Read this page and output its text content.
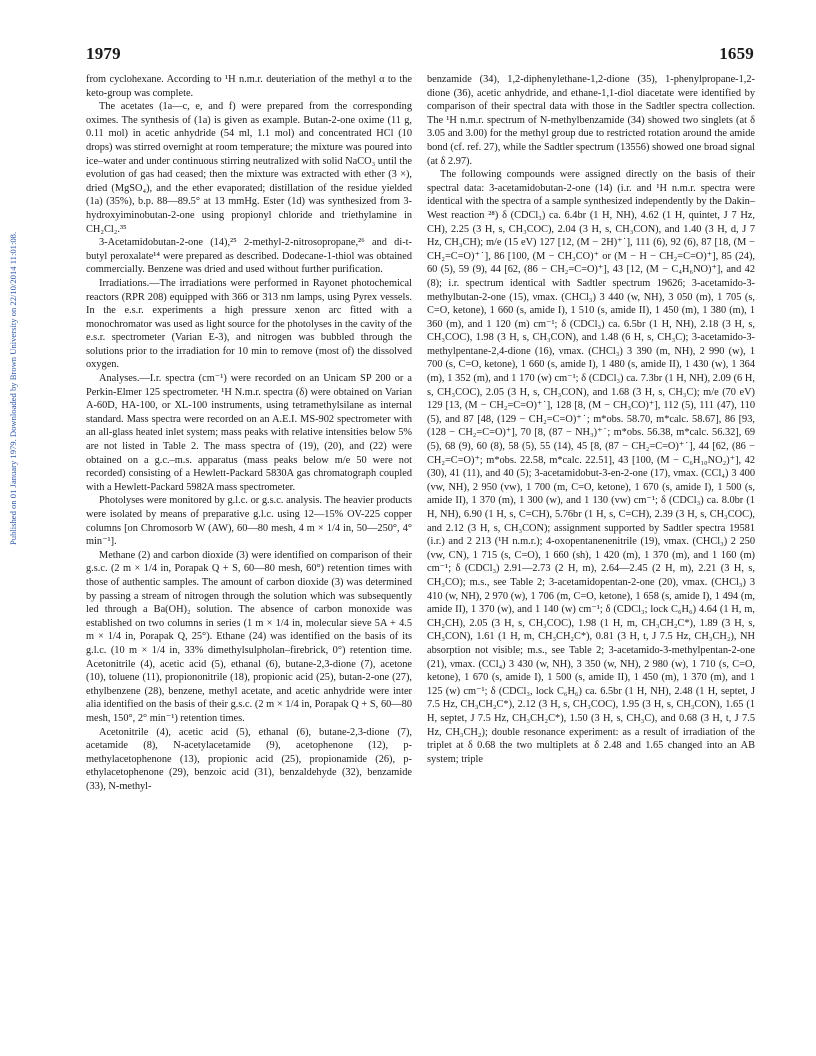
1979	1659
Published on 01 January 1979. Downloaded by Brown University on 22/10/2014 11:01:08.

from cyclohexane. According to ¹H n.m.r. deuteriation of the methyl α to the keto-group was complete.

The acetates (1a—c, e, and f) were prepared from the corresponding oximes. The synthesis of (1a) is given as example. Butan-2-one oxime (11 g, 0.11 mol) in acetic anhydride (54 ml, 1.1 mol) and concentrated HCl (10 drops) was stirred overnight at room temperature; the mixture was poured into ice–water and under continuous stirring neutralized with solid NaCO₃ until the evolution of gas had ceased; then the mixture was extracted with ether (3 ×), dried (MgSO₄), and the ether evaporated; distillation of the residue yielded (1a) (35%), b.p. 88—89.5° at 13 mmHg. Ester (1d) was synthesized from 3-hydroxyiminobutan-2-one using propionyl chloride and triethylamine in CH₂Cl₂.³⁵

3-Acetamidobutan-2-one (14),²⁵ 2-methyl-2-nitrosopropane,²⁶ and di-t-butyl peroxalate¹⁴ were prepared as described. Dodecane-1-thiol was obtained commercially. Benzene was dried and used without further purification.

Irradiations.—The irradiations were performed in Rayonet photochemical reactors (RPR 208) equipped with 366 or 313 nm lamps, using Pyrex vessels. In the e.s.r. experiments a high pressure xenon arc fitted with a monochromator was used as light source for the photolyses in the cavity of the e.s.r. spectrometer (Varian E-3), and nitrogen was bubbled through the solutions prior to the irradiation for 10 min to remove (most of) the dissolved oxygen.

Analyses.—I.r. spectra (cm⁻¹) were recorded on an Unicam SP 200 or a Perkin-Elmer 125 spectrometer. ¹H N.m.r. spectra (δ) were obtained on Varian A-60D, HA-100, or XL-100 instruments, using tetramethylsilane as internal standard. Mass spectra were recorded on an A.E.I. MS-902 spectrometer with an all-glass heated inlet system; mass peaks with relative intensities below 5% are not listed in Table 2. The mass spectra of (19), (20), and (22) were obtained on a g.c.–m.s. apparatus (mass peaks below m/e 50 were not recorded) consisting of a Hewlett-Packard 5830A gas chromatograph coupled with a Hewlett-Packard 5982A mass spectrometer.

Photolyses were monitored by g.l.c. or g.s.c. analysis. The heavier products were isolated by means of preparative g.l.c. using 12—15% OV-225 copper columns [on Chromosorb W (AW), 60—80 mesh, 4 m × 1/4 in, 50—250°, 4° min⁻¹].

Methane (2) and carbon dioxide (3) were identified on comparison of their g.s.c. (2 m × 1/4 in, Porapak Q + S, 60—80 mesh, 60°) retention times with those of authentic samples. The amount of carbon dioxide (3) was determined by passing a stream of nitrogen through the solution which was subsequently led through a Ba(OH)₂ solution. The absence of carbon monoxide was established on two columns in series (1 m × 1/4 in, molecular sieve 5A + 4.5 m × 1/4 in, Porapak Q, 25°). Ethane (24) was identified on the basis of its g.l.c. (10 m × 1/4 in, 33% dimethylsulpholan–firebrick, 0°) retention time. Acetonitrile (4), acetic acid (5), ethanal (6), butane-2,3-dione (7), acetone (10), toluene (11), propiononitrile (18), propionic acid (25), butan-2-one (27), ethylbenzene (28), benzene, methyl acetate, and acetic anhydride were inter alia identified on the basis of their g.s.c. (2 m × 1/4 in, Porapak Q + S, 60—80 mesh, 150°, 2° min⁻¹) retention times.

Acetonitrile (4), acetic acid (5), ethanal (6), butane-2,3-dione (7), acetamide (8), N-acetylacetamide (9), acetophenone (12), p-methylacetophenone (13), propionic acid (25), propionamide (26), p-ethylacetophenone (29), benzoic acid (31), benzaldehyde (32), benzamide (33), N-methyl-

benzamide (34), 1,2-diphenylethane-1,2-dione (35), 1-phenylpropane-1,2-dione (36), acetic anhydride, and ethane-1,1-diol diacetate were identified by comparison of their spectral data with those in the Sadtler spectra collection. The ¹H n.m.r. spectrum of N-methylbenzamide (34) showed two singlets (at δ 3.05 and 3.00) for the methyl group due to restricted rotation around the amide bond (cf. ref. 27), while the Sadtler spectrum (13556) showed one broad signal (at δ 2.97).

The following compounds were assigned directly on the basis of their spectral data: 3-acetamidobutan-2-one (14) (i.r. and ¹H n.m.r. spectra were identical with the spectra of a sample synthesized independently by the Dakin–West reaction ²⁸) δ (CDCl₃) ca. 6.4br (1 H, NH), 4.62 (1 H, quintet, J 7 Hz, CH), 2.25 (3 H, s, CH₃COC), 2.04 (3 H, s, CH₃CON), and 1.40 (3 H, d, J 7 Hz, CH₃CH); m/e (15 eV) 127 [12, (M − 2H)⁺˙], 111 (6), 92 (6), 87 [18, (M − CH₂=C=O)⁺˙], 86 [100, (M − CH₃CO)⁺ or (M − H − CH₂=C=O)⁺], 85 (24), 60 (5), 59 (9), 44 [62, (86 − CH₂=C=O)⁺], 43 [12, (M − C₄H₆NO)⁺], and 42 (8); i.r. spectrum identical with Sadtler spectrum 19626; 3-acetamido-3-methylbutan-2-one (15), νmax. (CHCl₃) 3 440 (w, NH), 3 050 (m), 1 705 (s, C=O, ketone), 1 660 (s, amide I), 1 510 (s, amide II), 1 450 (m), 1 380 (m), 1 360 (m), and 1 120 (m) cm⁻¹; δ (CDCl₃) ca. 6.5br (1 H, NH), 2.18 (3 H, s, CH₃COC), 1.98 (3 H, s, CH₃CON), and 1.48 (6 H, s, CH₃C); 3-acetamido-3-methylpentane-2,4-dione (16), νmax. (CHCl₃) 3 390 (m, NH), 2 990 (w), 1 700 (s, C=O, ketone), 1 660 (s, amide I), 1 480 (s, amide II), 1 430 (w), 1 364 (m), 1 352 (m), and 1 170 (w) cm⁻¹; δ (CDCl₃) ca. 7.3br (1 H, NH), 2.09 (6 H, s, CH₃COC), 2.05 (3 H, s, CH₃CON), and 1.68 (3 H, s, CH₃C); m/e (70 eV) 129 [13, (M − CH₂=C=O)⁺˙], 128 [8, (M − CH₃CO)⁺], 112 (5), 111 (47), 110 (5), and 87 [48, (129 − CH₂=C=O)⁺˙; m*obs. 58.70, m*calc. 58.67], 86 [93, (128 − CH₂=C=O)⁺], 70 [8, (87 − NH₃)⁺˙; m*obs. 56.38, m*calc. 56.32], 69 (5), 68 (9), 60 (8), 58 (5), 55 (14), 45 [8, (87 − CH₂=C=O)⁺˙], 44 [62, (86 − CH₂=C=O)⁺; m*obs. 22.58, m*calc. 22.51], 43 [100, (M − C₆H₁₀NO₂)⁺], 42 (30), 41 (11), and 40 (5); 3-acetamidobut-3-en-2-one (17), νmax. (CCl₄) 3 400 (vw, NH), 2 950 (vw), 1 700 (m, C=O, ketone), 1 670 (s, amide I), 1 500 (s, amide II), 1 370 (m), 1 300 (w), and 1 130 (vw) cm⁻¹; δ (CDCl₃) ca. 8.0br (1 H, NH), 6.90 (1 H, s, C=CH), 5.76br (1 H, s, C=CH), 2.39 (3 H, s, CH₃COC), and 2.12 (3 H, s, CH₃CON); assignment supported by Sadtler spectra 19581 (i.r.) and 2 213 (¹H n.m.r.); 4-oxopentanenenitrile (19), νmax. (CHCl₃) 2 250 (vw, CN), 1 715 (s, C=O), 1 660 (sh), 1 420 (m), 1 370 (m), and 1 160 (m) cm⁻¹; δ (CDCl₃) 2.91—2.73 (2 H, m), 2.64—2.45 (2 H, m), 2.21 (3 H, s, CH₃CO); m.s., see Table 2; 3-acetamidopentan-2-one (20), νmax. (CHCl₃) 3 410 (w, NH), 2 970 (w), 1 706 (m, C=O, ketone), 1 658 (s, amide I), 1 494 (m, amide II), 1 370 (w), and 1 140 (w) cm⁻¹; δ (CDCl₃; lock C₆H₆) 4.64 (1 H, m, CH₂CH), 2.05 (3 H, s, CH₃COC), 1.98 (1 H, m, CH₃CH₂C*), 1.89 (3 H, s, CH₃CON), 1.61 (1 H, m, CH₃CH₂C*), 0.81 (3 H, t, J 7.5 Hz, CH₃CH₂), NH absorption not visible; m.s., see Table 2; 3-acetamido-3-methylpentan-2-one (21), νmax. (CCl₄) 3 430 (w, NH), 3 350 (w, NH), 2 980 (w), 1 710 (s, C=O, ketone), 1 670 (s, amide I), 1 500 (s, amide II), 1 450 (m), 1 370 (m), and 1 125 (w) cm⁻¹; δ (CDCl₃, lock C₆H₆) ca. 6.5br (1 H, NH), 2.48 (1 H, septet, J 7.5 Hz, CH₃CH₂C*), 2.12 (3 H, s, CH₃COC), 1.95 (3 H, s, CH₃CON), 1.65 (1 H, septet, J 7.5 Hz, CH₃CH₂C*), 1.50 (3 H, s, CH₃C), and 0.68 (3 H, t, J 7.5 Hz, CH₃CH₂); double resonance experiment: as a result of irradiation of the triplet at δ 0.68 the two multiplets at δ 2.48 and 1.65 changed into an AB system; triple
